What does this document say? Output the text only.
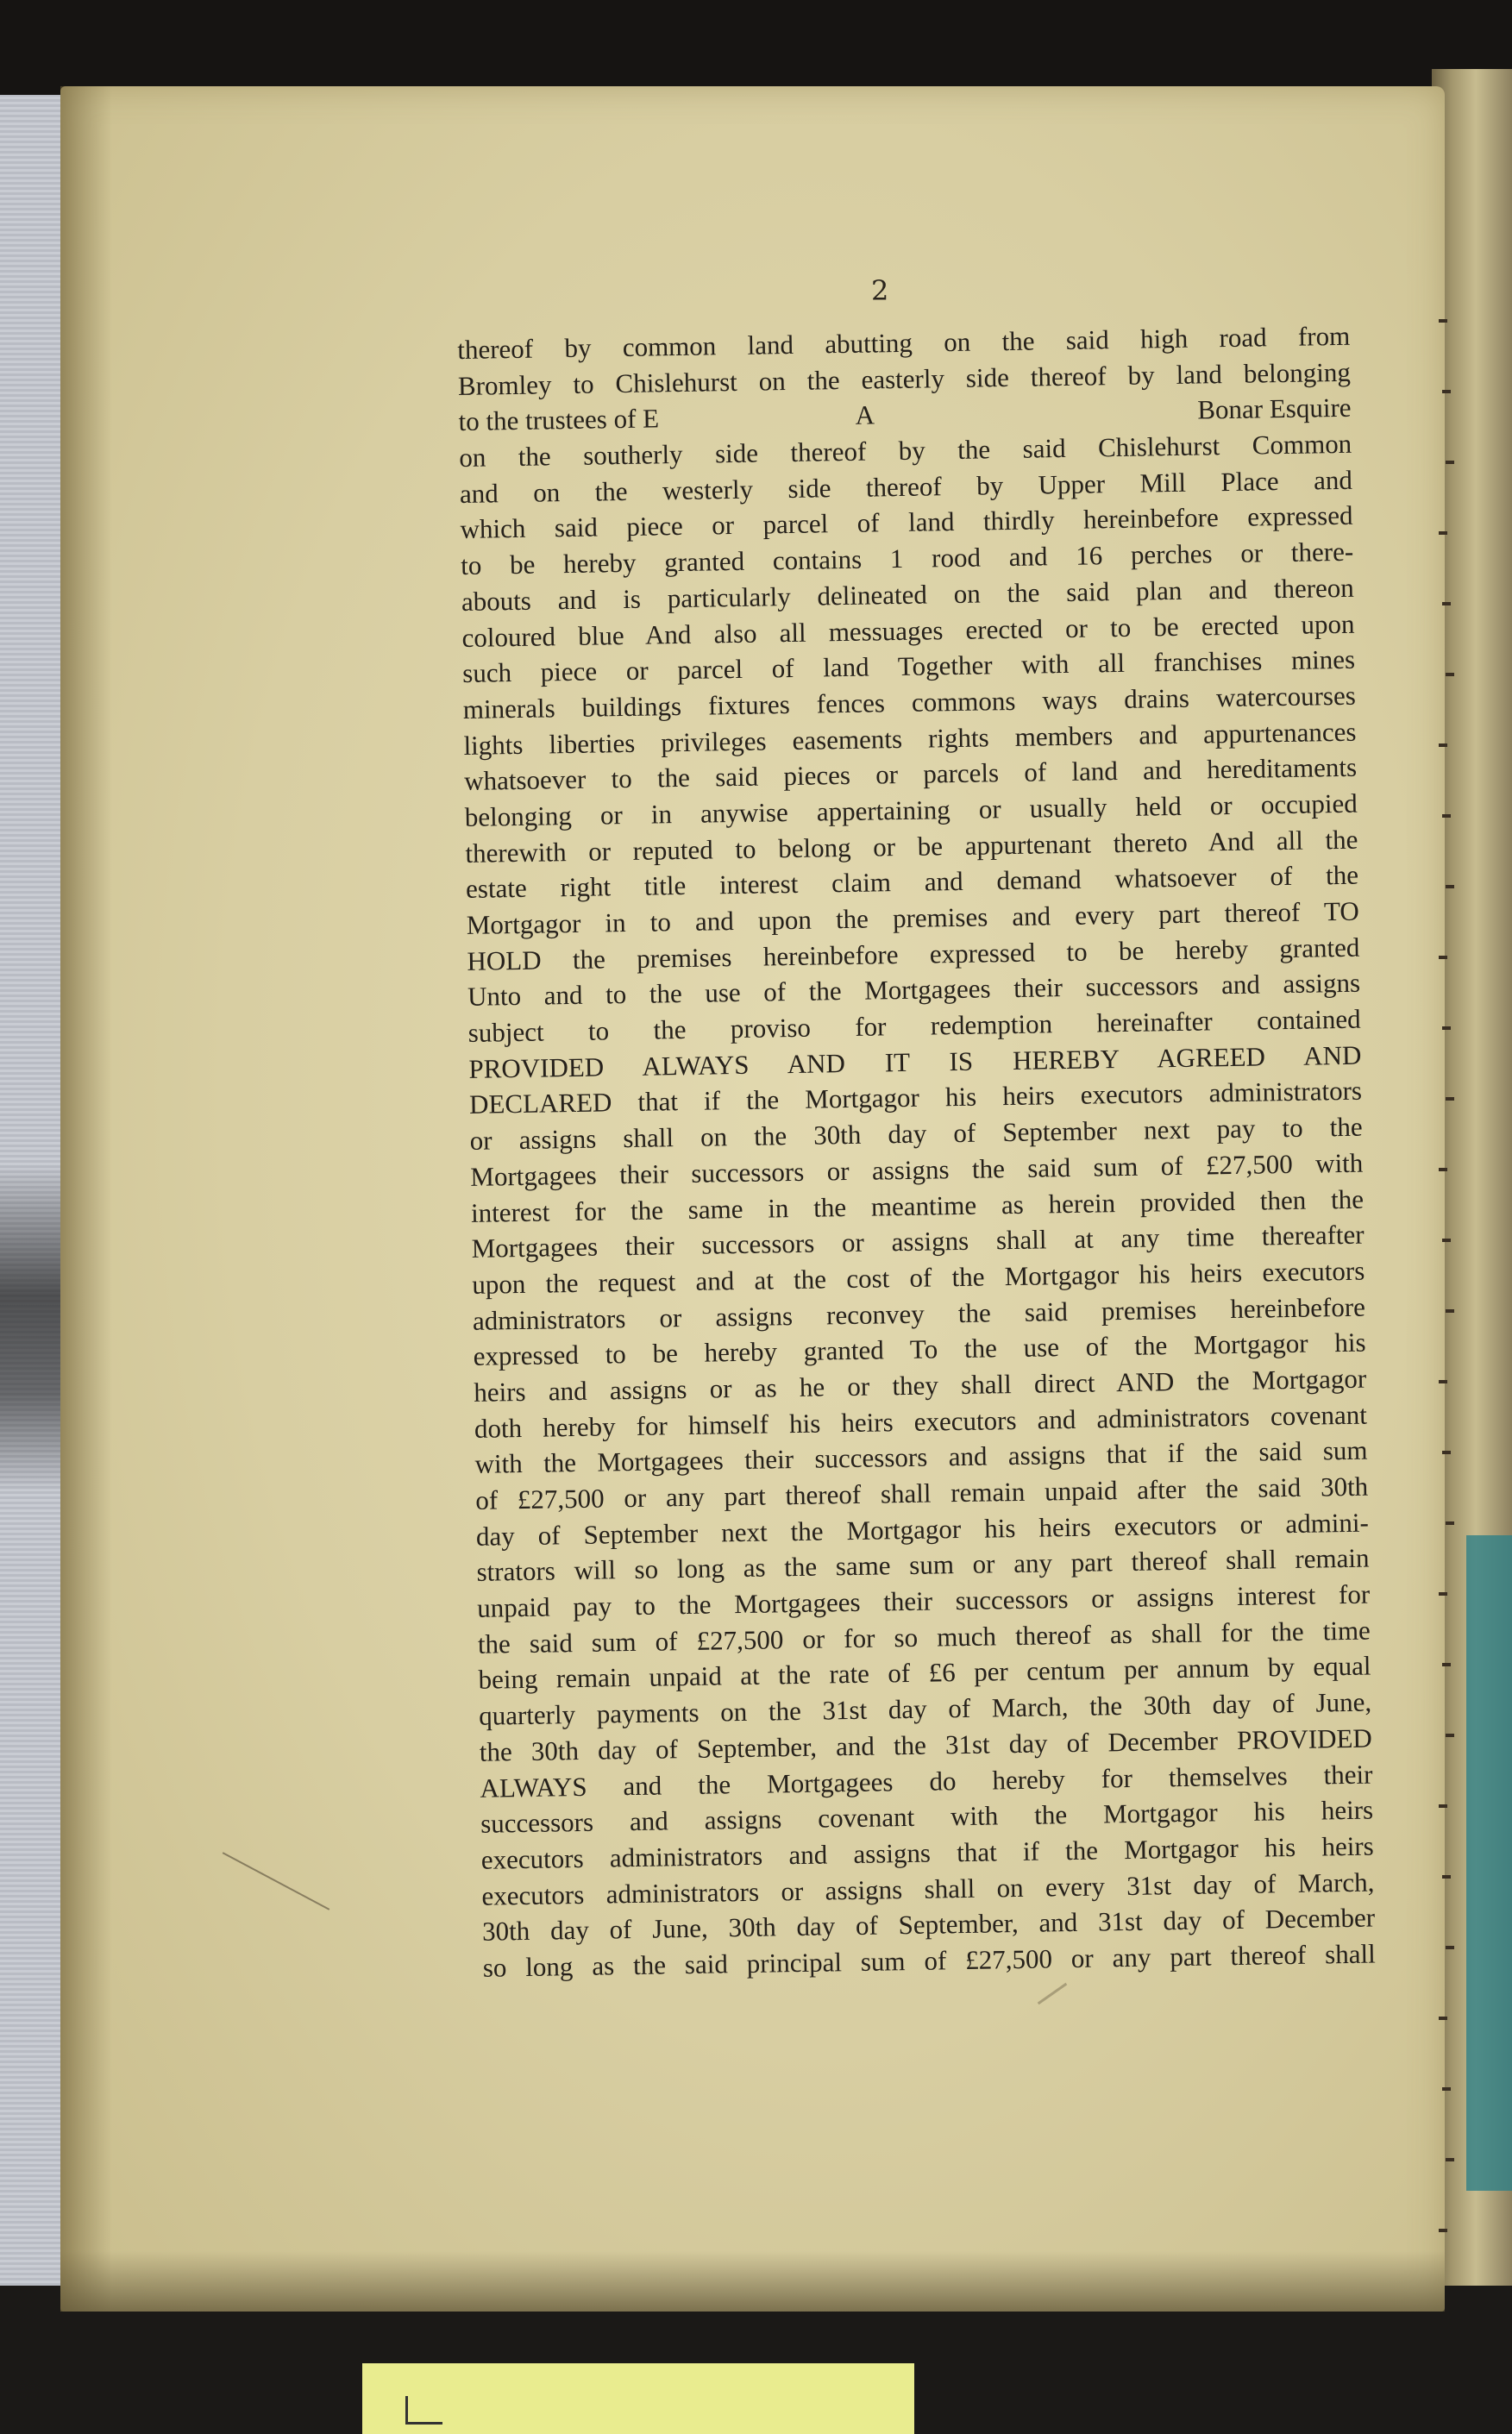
2
thereof by common land abutting on the said high road from
Bromley to Chislehurst on the easterly side thereof by land belonging
to the trustees of E	A	Bonar Esquire
on the southerly side thereof by the said Chislehurst Common
and on the westerly side thereof by Upper Mill Place and
which said piece or parcel of land thirdly hereinbefore expressed
to be hereby granted contains 1 rood and 16 perches or there-
abouts and is particularly delineated on the said plan and thereon
coloured blue And also all messuages erected or to be erected upon
such piece or parcel of land Together with all franchises mines
minerals buildings fixtures fences commons ways drains watercourses
lights liberties privileges easements rights members and appurtenances
whatsoever to the said pieces or parcels of land and hereditaments
belonging or in anywise appertaining or usually held or occupied
therewith or reputed to belong or be appurtenant thereto And all the
estate right title interest claim and demand whatsoever of the
Mortgagor in to and upon the premises and every part thereof TO
HOLD the premises hereinbefore expressed to be hereby granted
Unto and to the use of the Mortgagees their successors and assigns
subject to the proviso for redemption hereinafter contained
PROVIDED ALWAYS AND IT IS HEREBY AGREED AND
DECLARED that if the Mortgagor his heirs executors administrators
or assigns shall on the 30th day of September next pay to the
Mortgagees their successors or assigns the said sum of £27,500 with
interest for the same in the meantime as herein provided then the
Mortgagees their successors or assigns shall at any time thereafter
upon the request and at the cost of the Mortgagor his heirs executors
administrators or assigns reconvey the said premises hereinbefore
expressed to be hereby granted To the use of the Mortgagor his
heirs and assigns or as he or they shall direct AND the Mortgagor
doth hereby for himself his heirs executors and administrators covenant
with the Mortgagees their successors and assigns that if the said sum
of £27,500 or any part thereof shall remain unpaid after the said 30th
day of September next the Mortgagor his heirs executors or admini-
strators will so long as the same sum or any part thereof shall remain
unpaid pay to the Mortgagees their successors or assigns interest for
the said sum of £27,500 or for so much thereof as shall for the time
being remain unpaid at the rate of £6 per centum per annum by equal
quarterly payments on the 31st day of March, the 30th day of June,
the 30th day of September, and the 31st day of December PROVIDED
ALWAYS and the Mortgagees do hereby for themselves their
successors and assigns covenant with the Mortgagor his heirs
executors administrators and assigns that if the Mortgagor his heirs
executors administrators or assigns shall on every 31st day of March,
30th day of June, 30th day of September, and 31st day of December
so long as the said principal sum of £27,500 or any part thereof shall
